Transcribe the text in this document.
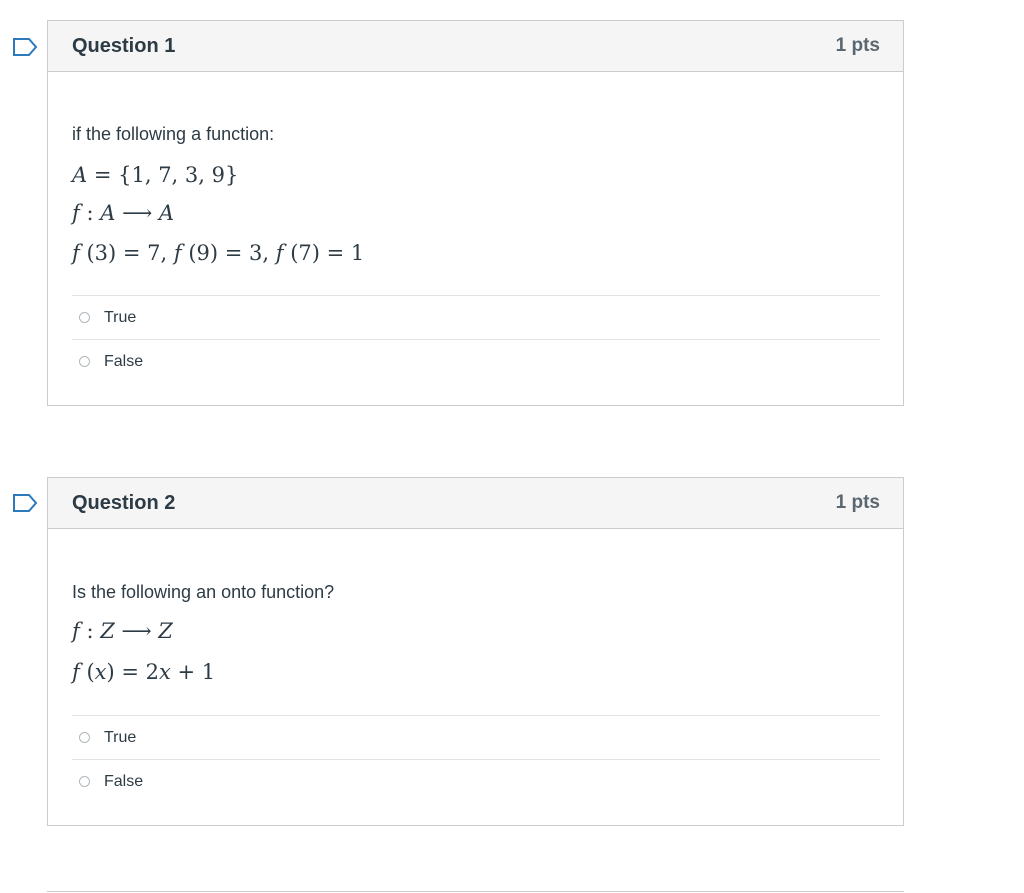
Question 1	1 pts

if the following a function:

A = {1, 7, 3, 9}

f : A ⟶ A

f (3) = 7, f (9) = 3, f (7) = 1

True
False
Question 2	1 pts

Is the following an onto function?

f : Z ⟶ Z

f (x) = 2x + 1

True
False
